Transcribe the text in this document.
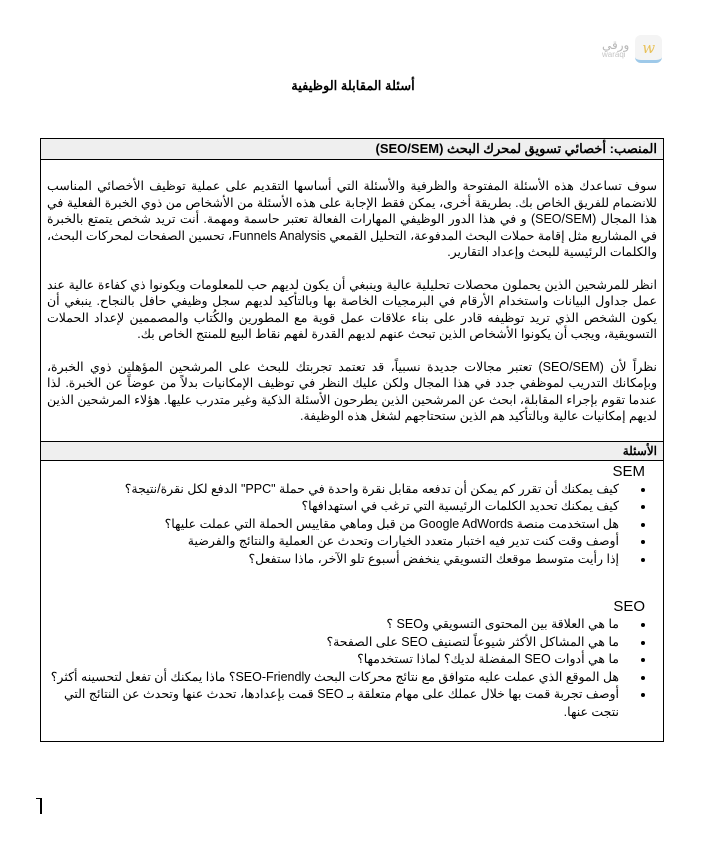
ورقي
waraqi w
أسئلة المقابلة الوظيفية
المنصب: أخصائي تسويق لمحرك البحث (SEO/SEM)

سوف تساعدك هذه الأسئلة المفتوحة والظرفية والأسئلة التي أساسها التقديم على عملية توظيف الأخصائي المناسب للانضمام للفريق الخاص بك. بطريقة أخرى، يمكن فقط الإجابة على هذه الأسئلة من الأشخاص من ذوي الخبرة الفعلية في هذا المجال (SEO/SEM) و في هذا الدور الوظيفي المهارات الفعالة تعتبر حاسمة ومهمة. أنت تريد شخص يتمتع بالخبرة في المشاريع مثل إقامة حملات البحث المدفوعة، التحليل القمعي Funnels Analysis، تحسين الصفحات لمحركات البحث، والكلمات الرئيسية للبحث وإعداد التقارير.

انظر للمرشحين الذين يحملون محصلات تحليلية عالية وينبغي أن يكون لديهم حب للمعلومات ويكونوا ذي كفاءة عالية عند عمل جداول البيانات واستخدام الأرقام في البرمجيات الخاصة بها وبالتأكيد لديهم سجل وظيفي حافل بالنجاح. ينبغي أن يكون الشخص الذي تريد توظيفه قادر على بناء علاقات عمل قوية مع المطورين والكُتاب والمصممين لإعداد الحملات التسويقية، ويجب أن يكونوا الأشخاص الذين تبحث عنهم لديهم القدرة لفهم نقاط البيع للمنتج الخاص بك.

نظراً لأن (SEO/SEM) تعتبر مجالات جديدة نسبياً، قد تعتمد تجربتك للبحث على المرشحين المؤهلين ذوي الخبرة، وبإمكانك التدريب لموظفي جدد في هذا المجال ولكن عليك النظر في توظيف الإمكانيات بدلاً من عوضاً عن الخبرة. لذا عندما تقوم بإجراء المقابلة، ابحث عن المرشحين الذين يطرحون الأسئلة الذكية وغير متدرب عليها. هؤلاء المرشحين الذين لديهم إمكانيات عالية وبالتأكيد هم الذين ستحتاجهم لشغل هذه الوظيفة.

الأسئلة
SEM
• كيف يمكنك أن تقرر كم يمكن أن تدفعه مقابل نقرة واحدة في حملة "PPC" الدفع لكل نقرة/نتيجة؟
• كيف يمكنك تحديد الكلمات الرئيسية التي ترغب في استهدافها؟
• هل استخدمت منصة Google AdWords من قبل وماهي مقاييس الحملة التي عملت عليها؟
• أوصف وقت كنت تدير فيه اختبار متعدد الخيارات وتحدث عن العملية والنتائج والفرضية
• إذا رأيت متوسط موقعك التسويقي ينخفض أسبوع تلو الآخر، ماذا ستفعل؟
SEO
• ما هي العلاقة بين المحتوى التسويقي وSEO ؟
• ما هي المشاكل الأكثر شيوعاً لتصنيف SEO على الصفحة؟
• ما هي أدوات SEO المفضلة لديك؟ لماذا تستخدمها؟
• هل الموقع الذي عملت عليه متوافق مع نتائج محركات البحث SEO-Friendly؟ ماذا يمكنك أن تفعل لتحسينه أكثر؟
• أوصف تجربة قمت بها خلال عملك على مهام متعلقة بـ SEO قمت بإعدادها، تحدث عنها وتحدث عن النتائج التي نتجت عنها.
